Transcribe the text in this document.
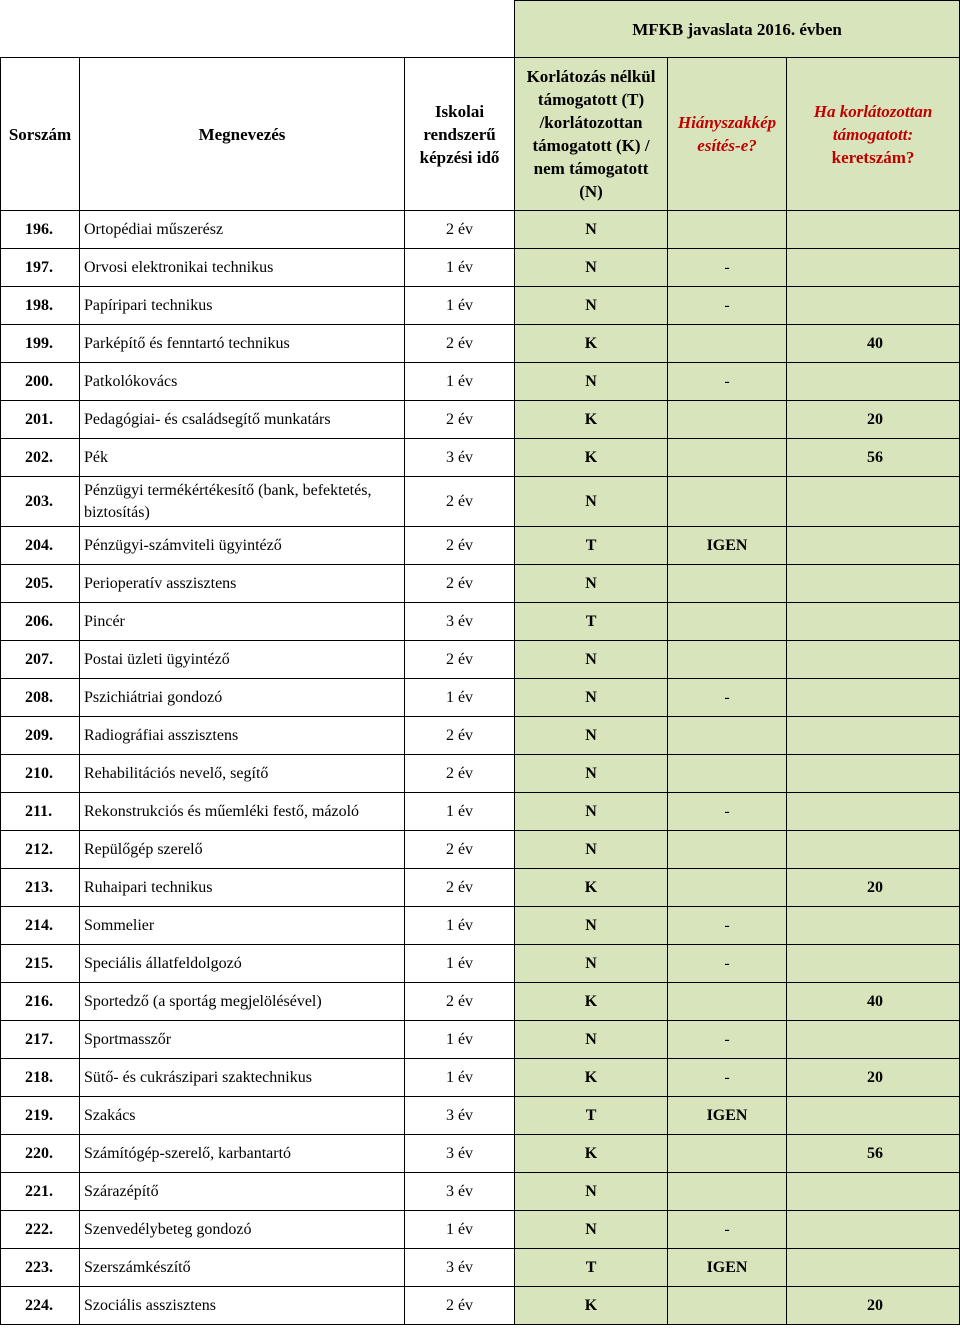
			MFKB javaslata 2016. évben		
Sorszám	Megnevezés	Iskolai rendszerű képzési idő	Korlátozás nélkül támogatott (T) /korlátozottan támogatott (K) / nem támogatott (N)	Hiányszakkép esítés-e?	Ha korlátozottan támogatott:
keretszám?
196.	Ortopédiai műszerész	2 év	N		
197.	Orvosi elektronikai technikus	1 év	N	-	
198.	Papíripari technikus	1 év	N	-	
199.	Parképítő és fenntartó technikus	2 év	K		40
200.	Patkolókovács	1 év	N	-	
201.	Pedagógiai- és családsegítő munkatárs	2 év	K		20
202.	Pék	3 év	K		56
203.	Pénzügyi termékértékesítő (bank, befektetés, biztosítás)	2 év	N		
204.	Pénzügyi-számviteli ügyintéző	2 év	T	IGEN	
205.	Perioperatív asszisztens	2 év	N		
206.	Pincér	3 év	T		
207.	Postai üzleti ügyintéző	2 év	N		
208.	Pszichiátriai gondozó	1 év	N	-	
209.	Radiográfiai asszisztens	2 év	N		
210.	Rehabilitációs nevelő, segítő	2 év	N		
211.	Rekonstrukciós és műemléki festő, mázoló	1 év	N	-	
212.	Repülőgép szerelő	2 év	N		
213.	Ruhaipari technikus	2 év	K		20
214.	Sommelier	1 év	N	-	
215.	Speciális állatfeldolgozó	1 év	N	-	
216.	Sportedző (a sportág megjelölésével)	2 év	K		40
217.	Sportmasszőr	1 év	N	-	
218.	Sütő- és cukrászipari szaktechnikus	1 év	K	-	20
219.	Szakács	3 év	T	IGEN	
220.	Számítógép-szerelő, karbantartó	3 év	K		56
221.	Szárazépítő	3 év	N		
222.	Szenvedélybeteg gondozó	1 év	N	-	
223.	Szerszámkészítő	3 év	T	IGEN	
224.	Szociális asszisztens	2 év	K		20
